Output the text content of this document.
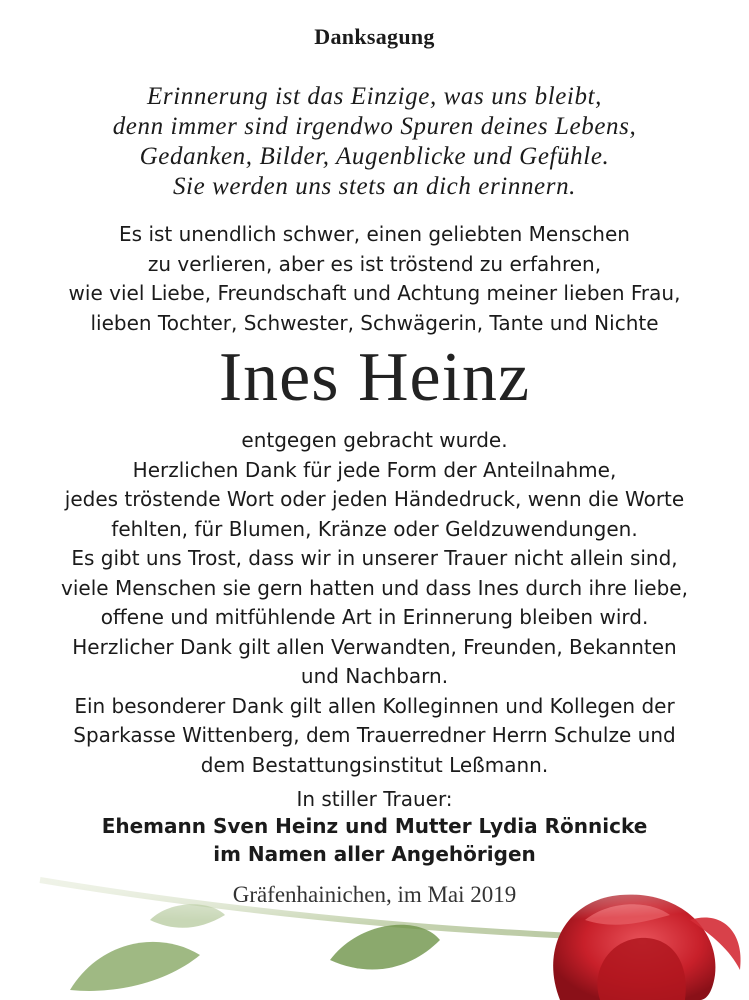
Danksagung
Erinnerung ist das Einzige, was uns bleibt,
denn immer sind irgendwo Spuren deines Lebens,
Gedanken, Bilder, Augenblicke und Gefühle.
Sie werden uns stets an dich erinnern.
Es ist unendlich schwer, einen geliebten Menschen
zu verlieren, aber es ist tröstend zu erfahren,
wie viel Liebe, Freundschaft und Achtung meiner lieben Frau,
lieben Tochter, Schwester, Schwägerin, Tante und Nichte
Ines Heinz
entgegen gebracht wurde.
Herzlichen Dank für jede Form der Anteilnahme,
jedes tröstende Wort oder jeden Händedruck, wenn die Worte
fehlten, für Blumen, Kränze oder Geldzuwendungen.
Es gibt uns Trost, dass wir in unserer Trauer nicht allein sind,
viele Menschen sie gern hatten und dass Ines durch ihre liebe,
offene und mitfühlende Art in Erinnerung bleiben wird.
Herzlicher Dank gilt allen Verwandten, Freunden, Bekannten
und Nachbarn.
Ein besonderer Dank gilt allen Kolleginnen und Kollegen der
Sparkasse Wittenberg, dem Trauerredner Herrn Schulze und
dem Bestattungsinstitut Leßmann.
In stiller Trauer:
Ehemann Sven Heinz und Mutter Lydia Rönnicke
im Namen aller Angehörigen
Gräfenhainichen, im Mai 2019
